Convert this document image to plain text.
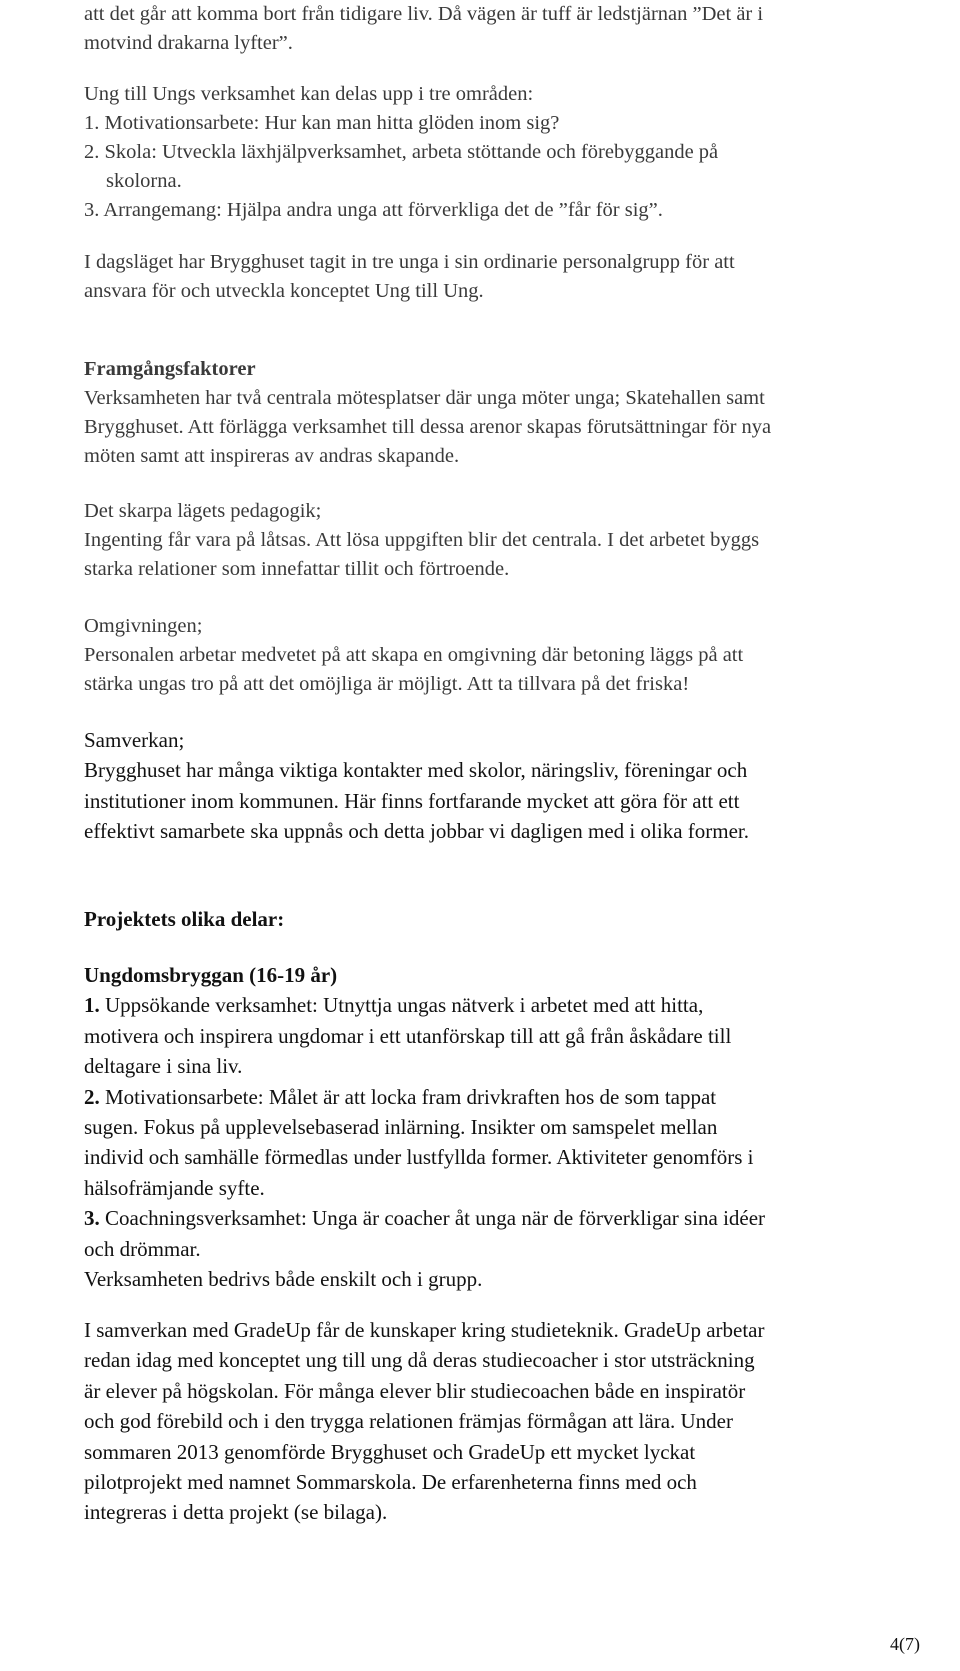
att det går att komma bort från tidigare liv. Då vägen är tuff är ledstjärnan ”Det är i
motvind drakarna lyfter”.
Ung till Ungs verksamhet kan delas upp i tre områden:
1. Motivationsarbete: Hur kan man hitta glöden inom sig?
2. Skola: Utveckla läxhjälpverksamhet, arbeta stöttande och förebyggande på
skolorna.
3. Arrangemang: Hjälpa andra unga att förverkliga det de ”får för sig”.
I dagsläget har Brygghuset tagit in tre unga i sin ordinarie personalgrupp för att
ansvara för och utveckla konceptet Ung till Ung.
Framgångsfaktorer
Verksamheten har två centrala mötesplatser där unga möter unga; Skatehallen samt
Brygghuset. Att förlägga verksamhet till dessa arenor skapas förutsättningar för nya
möten samt att inspireras av andras skapande.
Det skarpa lägets pedagogik;
Ingenting får vara på låtsas. Att lösa uppgiften blir det centrala. I det arbetet byggs
starka relationer som innefattar tillit och förtroende.
Omgivningen;
Personalen arbetar medvetet på att skapa en omgivning där betoning läggs på att
stärka ungas tro på att det omöjliga är möjligt. Att ta tillvara på det friska!
Samverkan;
Brygghuset har många viktiga kontakter med skolor, näringsliv, föreningar och
institutioner inom kommunen. Här finns fortfarande mycket att göra för att ett
effektivt samarbete ska uppnås och detta jobbar vi dagligen med i olika former.
Projektets olika delar:
Ungdomsbryggan (16-19 år)
1. Uppsökande verksamhet: Utnyttja ungas nätverk i arbetet med att hitta,
motivera och inspirera ungdomar i ett utanförskap till att gå från åskådare till
deltagare i sina liv.
2. Motivationsarbete: Målet är att locka fram drivkraften hos de som tappat
sugen. Fokus på upplevelsebaserad inlärning. Insikter om samspelet mellan
individ och samhälle förmedlas under lustfyllda former. Aktiviteter genomförs i
hälsofrämjande syfte.
3. Coachningsverksamhet: Unga är coacher åt unga när de förverkligar sina idéer
och drömmar.
Verksamheten bedrivs både enskilt och i grupp.
I samverkan med GradeUp får de kunskaper kring studieteknik. GradeUp arbetar
redan idag med konceptet ung till ung då deras studiecoacher i stor utsträckning
är elever på högskolan. För många elever blir studiecoachen både en inspiratör
och god förebild och i den trygga relationen främjas förmågan att lära. Under
sommaren 2013 genomförde Brygghuset och GradeUp ett mycket lyckat
pilotprojekt med namnet Sommarskola. De erfarenheterna finns med och
integreras i detta projekt (se bilaga).
4(7)
